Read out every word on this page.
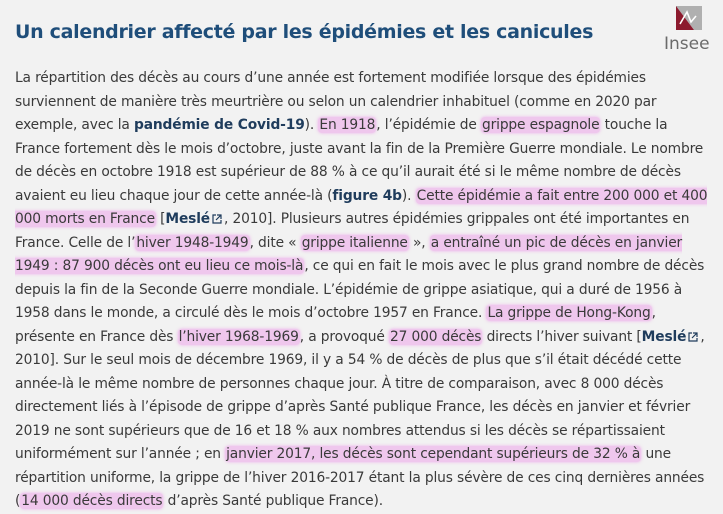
Un calendrier affecté par les épidémies et les canicules
Insee

La répartition des décès au cours d’une année est fortement modifiée lorsque des épidémies surviennent de manière très meurtrière ou selon un calendrier inhabituel (comme en 2020 par exemple, avec la pandémie de Covid-19). En 1918, l’épidémie de grippe espagnole touche la France fortement dès le mois d’octobre, juste avant la fin de la Première Guerre mondiale. Le nombre de décès en octobre 1918 est supérieur de 88 % à ce qu’il aurait été si le même nombre de décès avaient eu lieu chaque jour de cette année-là (figure 4b). Cette épidémie a fait entre 200 000 et 400 000 morts en France [Meslé , 2010]. Plusieurs autres épidémies grippales ont été importantes en France. Celle de l’hiver 1948-1949, dite « grippe italienne », a entraîné un pic de décès en janvier 1949 : 87 900 décès ont eu lieu ce mois-là, ce qui en fait le mois avec le plus grand nombre de décès depuis la fin de la Seconde Guerre mondiale. L’épidémie de grippe asiatique, qui a duré de 1956 à 1958 dans le monde, a circulé dès le mois d’octobre 1957 en France. La grippe de Hong-Kong, présente en France dès l’hiver 1968-1969, a provoqué 27 000 décès directs l’hiver suivant [Meslé , 2010]. Sur le seul mois de décembre 1969, il y a 54 % de décès de plus que s’il était décédé cette année-là le même nombre de personnes chaque jour. À titre de comparaison, avec 8 000 décès directement liés à l’épisode de grippe d’après Santé publique France, les décès en janvier et février 2019 ne sont supérieurs que de 16 et 18 % aux nombres attendus si les décès se répartissaient uniformément sur l’année ; en janvier 2017, les décès sont cependant supérieurs de 32 % à une répartition uniforme, la grippe de l’hiver 2016-2017 étant la plus sévère de ces cinq dernières années (14 000 décès directs d’après Santé publique France).
